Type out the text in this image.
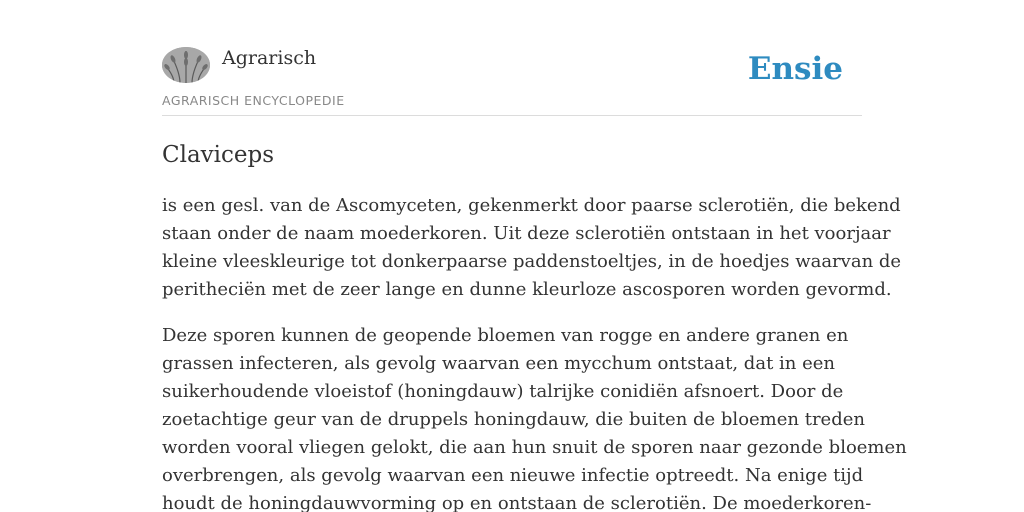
Agrarisch
AGRARISCH ENCYCLOPEDIE
Ensie
Claviceps

is een gesl. van de Ascomyceten, gekenmerkt door paarse sclerotiën, die bekend
staan onder de naam moederkoren. Uit deze sclerotiën ontstaan in het voorjaar
kleine vleeskleurige tot donkerpaarse paddenstoeltjes, in de hoedjes waarvan de
peritheciën met de zeer lange en dunne kleurloze ascosporen worden gevormd.

Deze sporen kunnen de geopende bloemen van rogge en andere granen en
grassen infecteren, als gevolg waarvan een mycchum ontstaat, dat in een
suikerhoudende vloeistof (honingdauw) talrijke conidiën afsnoert. Door de
zoetachtige geur van de druppels honingdauw, die buiten de bloemen treden
worden vooral vliegen gelokt, die aan hun snuit de sporen naar gezonde bloemen
overbrengen, als gevolg waarvan een nieuwe infectie optreedt. Na enige tijd
houdt de honingdauwvorming op en ontstaan de sclerotiën. De moederkoren-
